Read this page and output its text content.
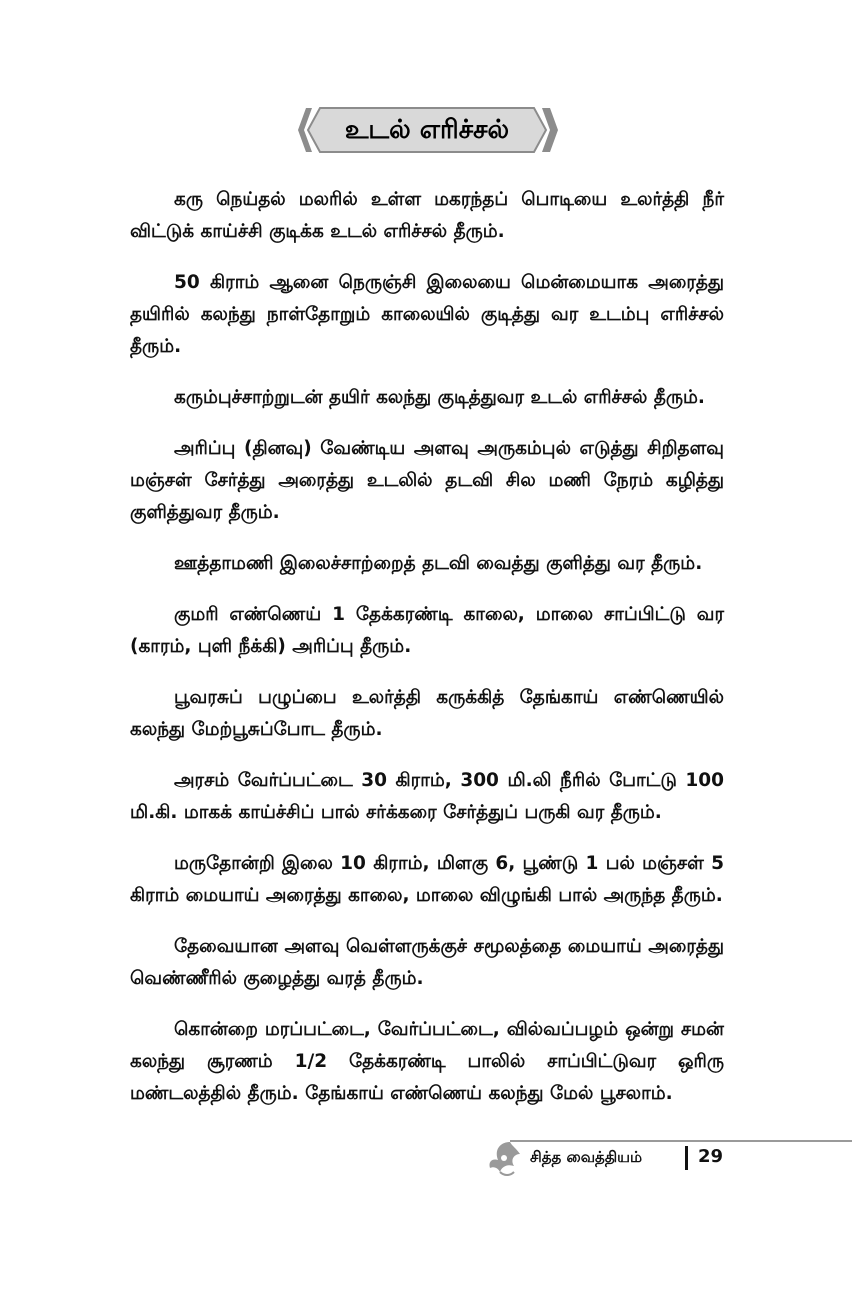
உடல் எரிச்சல்

கரு நெய்தல் மலரில் உள்ள மகரந்தப் பொடியை உலர்த்தி நீர் விட்டுக் காய்ச்சி குடிக்க உடல் எரிச்சல் தீரும்.

50 கிராம் ஆனை நெருஞ்சி இலையை மென்மையாக அரைத்து தயிரில் கலந்து நாள்தோறும் காலையில் குடித்து வர உடம்பு எரிச்சல் தீரும்.

கரும்புச்சாற்றுடன் தயிர் கலந்து குடித்துவர உடல் எரிச்சல் தீரும்.

அரிப்பு (தினவு) வேண்டிய அளவு அருகம்புல் எடுத்து சிறிதளவு மஞ்சள் சேர்த்து அரைத்து உடலில் தடவி சில மணி நேரம் கழித்து குளித்துவர தீரும்.

ஊத்தாமணி இலைச்சாற்றைத் தடவி வைத்து குளித்து வர தீரும்.

குமரி எண்ணெய் 1 தேக்கரண்டி காலை, மாலை சாப்பிட்டு வர (காரம், புளி நீக்கி) அரிப்பு தீரும்.

பூவரசுப் பழுப்பை உலர்த்தி கருக்கித் தேங்காய் எண்ணெயில் கலந்து மேற்பூசுப்போட தீரும்.

அரசம் வேர்ப்பட்டை 30 கிராம், 300 மி.லி நீரில் போட்டு 100 மி.கி. மாகக் காய்ச்சிப் பால் சர்க்கரை சேர்த்துப் பருகி வர தீரும்.

மருதோன்றி இலை 10 கிராம், மிளகு 6, பூண்டு 1 பல் மஞ்சள் 5 கிராம் மையாய் அரைத்து காலை, மாலை விழுங்கி பால் அருந்த தீரும்.

தேவையான அளவு வெள்ளருக்குச் சமூலத்தை மையாய் அரைத்து வெண்ணீரில் குழைத்து வரத் தீரும்.

கொன்றை மரப்பட்டை, வேர்ப்பட்டை, வில்வப்பழம் ஒன்று சமன் கலந்து சூரணம் 1/2 தேக்கரண்டி பாலில் சாப்பிட்டுவர ஒரிரு மண்டலத்தில் தீரும். தேங்காய் எண்ணெய் கலந்து மேல் பூசலாம்.

சித்த வைத்தியம்	29
